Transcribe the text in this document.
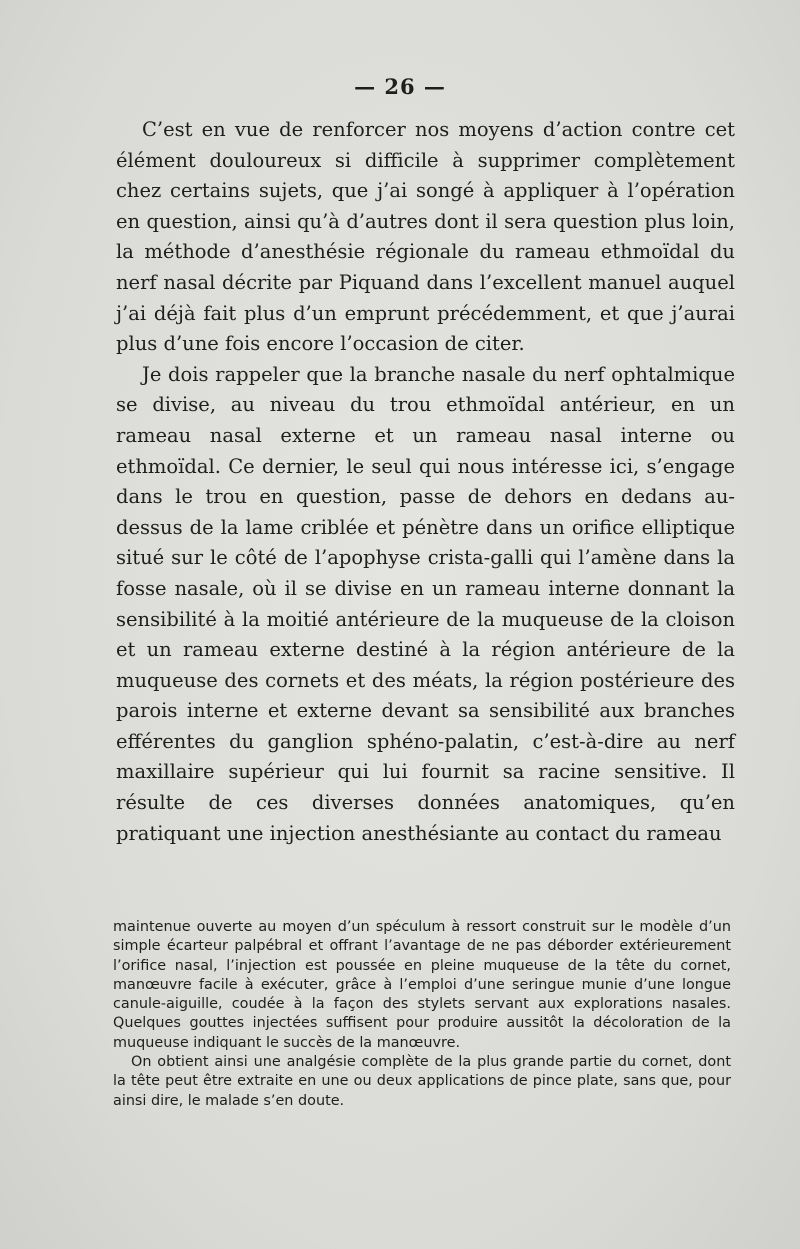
— 26 —

C’est en vue de renforcer nos moyens d’action contre cet élément douloureux si difficile à supprimer complètement chez certains sujets, que j’ai songé à appliquer à l’opération en question, ainsi qu’à d’autres dont il sera question plus loin, la méthode d’anesthésie régionale du rameau ethmoïdal du nerf nasal décrite par Piquand dans l’excellent manuel auquel j’ai déjà fait plus d’un emprunt précédemment, et que j’aurai plus d’une fois encore l’occasion de citer.

Je dois rappeler que la branche nasale du nerf ophtalmique se divise, au niveau du trou ethmoïdal antérieur, en un rameau nasal externe et un rameau nasal interne ou ethmoïdal. Ce dernier, le seul qui nous intéresse ici, s’engage dans le trou en question, passe de dehors en dedans au-dessus de la lame criblée et pénètre dans un orifice elliptique situé sur le côté de l’apophyse crista-galli qui l’amène dans la fosse nasale, où il se divise en un rameau interne donnant la sensibilité à la moitié antérieure de la muqueuse de la cloison et un rameau externe destiné à la région antérieure de la muqueuse des cornets et des méats, la région postérieure des parois interne et externe devant sa sensibilité aux branches efférentes du ganglion sphéno-palatin, c’est-à-dire au nerf maxillaire supérieur qui lui fournit sa racine sensitive. Il résulte de ces diverses données anatomiques, qu’en pratiquant une injection anesthésiante au contact du rameau

maintenue ouverte au moyen d’un spéculum à ressort construit sur le modèle d’un simple écarteur palpébral et offrant l’avantage de ne pas déborder extérieurement l’orifice nasal, l’injection est poussée en pleine muqueuse de la tête du cornet, manœuvre facile à exécuter, grâce à l’emploi d’une seringue munie d’une longue canule-aiguille, coudée à la façon des stylets servant aux explorations nasales. Quelques gouttes injectées suffisent pour produire aussitôt la décoloration de la muqueuse indiquant le succès de la manœuvre.

On obtient ainsi une analgésie complète de la plus grande partie du cornet, dont la tête peut être extraite en une ou deux applications de pince plate, sans que, pour ainsi dire, le malade s’en doute.
